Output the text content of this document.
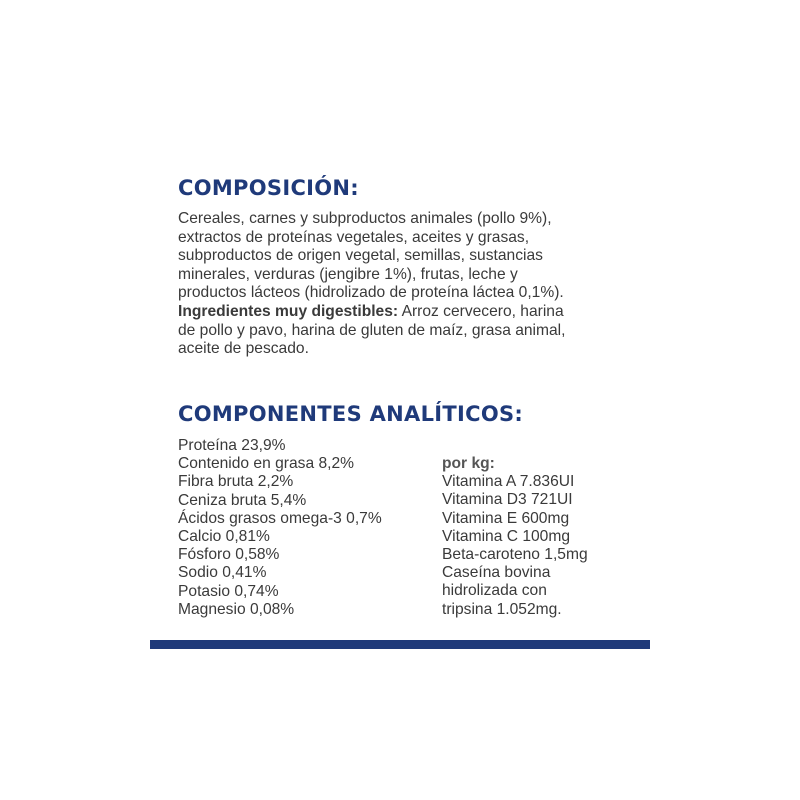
COMPOSICIÓN:

Cereales, carnes y subproductos animales (pollo 9%),
extractos de proteínas vegetales, aceites y grasas,
subproductos de origen vegetal, semillas, sustancias
minerales, verduras (jengibre 1%), frutas, leche y
productos lácteos (hidrolizado de proteína láctea 0,1%).
Ingredientes muy digestibles: Arroz cervecero, harina
de pollo y pavo, harina de gluten de maíz, grasa animal,
aceite de pescado.

COMPONENTES ANALÍTICOS:
Proteína 23,9%
Contenido en grasa 8,2%
Fibra bruta 2,2%
Ceniza bruta 5,4%
Ácidos grasos omega-3 0,7%
Calcio 0,81%
Fósforo 0,58%
Sodio 0,41%
Potasio 0,74%
Magnesio 0,08%
por kg:
Vitamina A 7.836UI
Vitamina D3 721UI
Vitamina E 600mg
Vitamina C 100mg
Beta-caroteno 1,5mg
Caseína bovina
hidrolizada con
tripsina 1.052mg.
